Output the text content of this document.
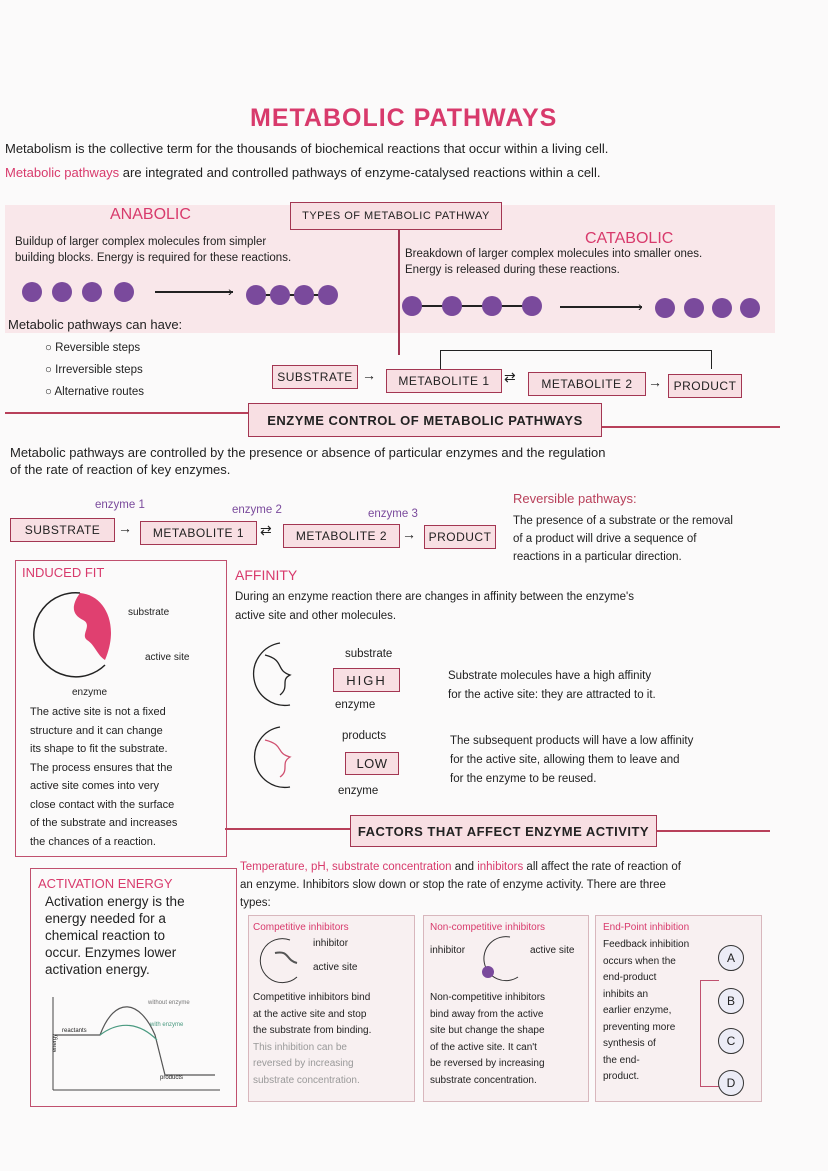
METABOLIC PATHWAYS
Metabolism is the collective term for the thousands of biochemical reactions that occur within a living cell.
Metabolic pathways are integrated and controlled pathways of enzyme-catalysed reactions within a cell.
TYPES OF METABOLIC PATHWAY
ANABOLIC
CATABOLIC
Buildup of larger complex molecules from simpler
building blocks. Energy is required for these reactions.	Breakdown of larger complex molecules into smaller ones.
Energy is released during these reactions.
›
›
Metabolic pathways can have:
○ Reversible steps
○ Irreversible steps
○ Alternative routes
SUBSTRATE →	METABOLITE 1	⇄	METABOLITE 2	→ PRODUCT
ENZYME CONTROL OF METABOLIC PATHWAYS
Metabolic pathways are controlled by the presence or absence of particular enzymes and the regulation
of the rate of reaction of key enzymes.
enzyme 1	enzyme 2	enzyme 3
SUBSTRATE	→	METABOLITE 1	⇄	METABOLITE 2	→	PRODUCT
Reversible pathways:
The presence of a substrate or the removal
of a product will drive a sequence of
reactions in a particular direction.
INDUCED FIT
substrate
active site
enzyme
The active site is not a fixed
structure and it can change
its shape to fit the substrate.
The process ensures that the
active site comes into very
close contact with the surface
of the substrate and increases
the chances of a reaction.
AFFINITY
During an enzyme reaction there are changes in affinity between the enzyme's
active site and other molecules.
substrate
HIGH
enzyme
products
LOW
enzyme
Substrate molecules have a high affinity
for the active site: they are attracted to it.
The subsequent products will have a low affinity
for the active site, allowing them to leave and
for the enzyme to be reused.
FACTORS THAT AFFECT ENZYME ACTIVITY
Temperature, pH, substrate concentration and inhibitors all affect the rate of reaction of
an enzyme. Inhibitors slow down or stop the rate of enzyme activity. There are three
types:
ACTIVATION ENERGY
Activation energy is the
energy needed for a
chemical reaction to
occur. Enzymes lower
activation energy.
reactants
products
energy
without enzyme
with enzyme
Competitive inhibitors
inhibitor
active site
Competitive inhibitors bind
at the active site and stop
the substrate from binding.
This inhibition can be
reversed by increasing
substrate concentration.
Non-competitive inhibitors
inhibitor	active site
Non-competitive inhibitors
bind away from the active
site but change the shape
of the active site. It can't
be reversed by increasing
substrate concentration.
End-Point inhibition
Feedback inhibition
occurs when the
end-product
inhibits an
earlier enzyme,
preventing more
synthesis of
the end-
product.
A
B
C
D
